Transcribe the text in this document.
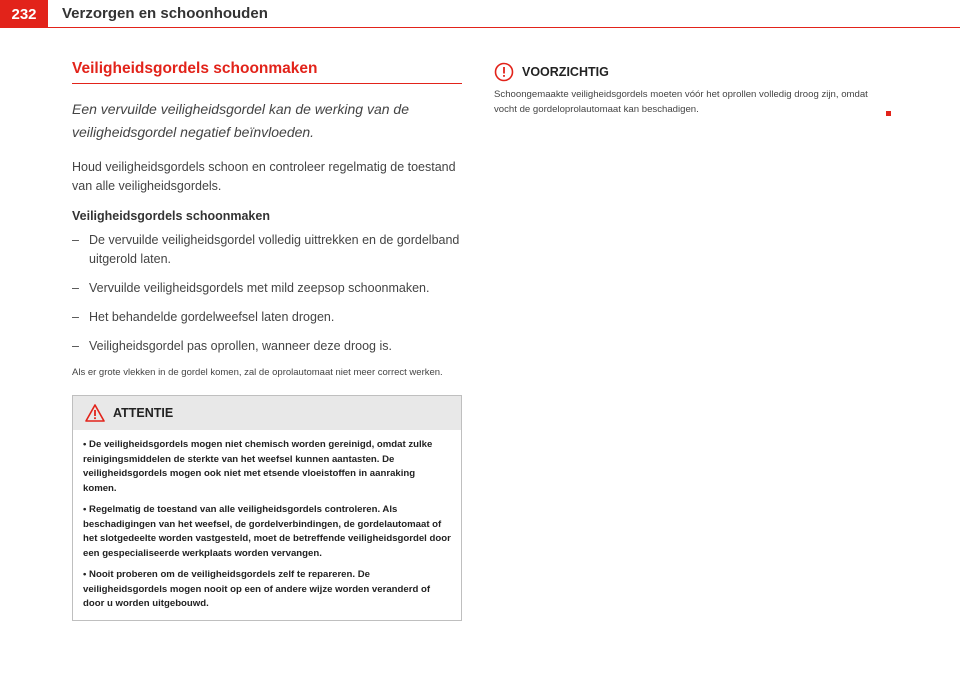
232	Verzorgen en schoonhouden
Veiligheidsgordels schoonmaken

Een vervuilde veiligheidsgordel kan de werking van de veiligheidsgordel negatief beïnvloeden.

Houd veiligheidsgordels schoon en controleer regelmatig de toestand van alle veiligheidsgordels.

Veiligheidsgordels schoonmaken

– De vervuilde veiligheidsgordel volledig uittrekken en de gordelband uitgerold laten.
– Vervuilde veiligheidsgordels met mild zeepsop schoonmaken.
– Het behandelde gordelweefsel laten drogen.
– Veiligheidsgordel pas oprollen, wanneer deze droog is.

Als er grote vlekken in de gordel komen, zal de oprolautomaat niet meer correct werken.

ATTENTIE

• De veiligheidsgordels mogen niet chemisch worden gereinigd, omdat zulke reinigingsmiddelen de sterkte van het weefsel kunnen aantasten. De veiligheidsgordels mogen ook niet met etsende vloeistoffen in aanraking komen.

• Regelmatig de toestand van alle veiligheidsgordels controleren. Als beschadigingen van het weefsel, de gordelverbindingen, de gordelautomaat of het slotgedeelte worden vastgesteld, moet de betreffende veiligheidsgordel door een gespecialiseerde werkplaats worden vervangen.

• Nooit proberen om de veiligheidsgordels zelf te repareren. De veiligheidsgordels mogen nooit op een of andere wijze worden veranderd of door u worden uitgebouwd.

VOORZICHTIG

Schoongemaakte veiligheidsgordels moeten vóór het oprollen volledig droog zijn, omdat vocht de gordeloprolautomaat kan beschadigen.
